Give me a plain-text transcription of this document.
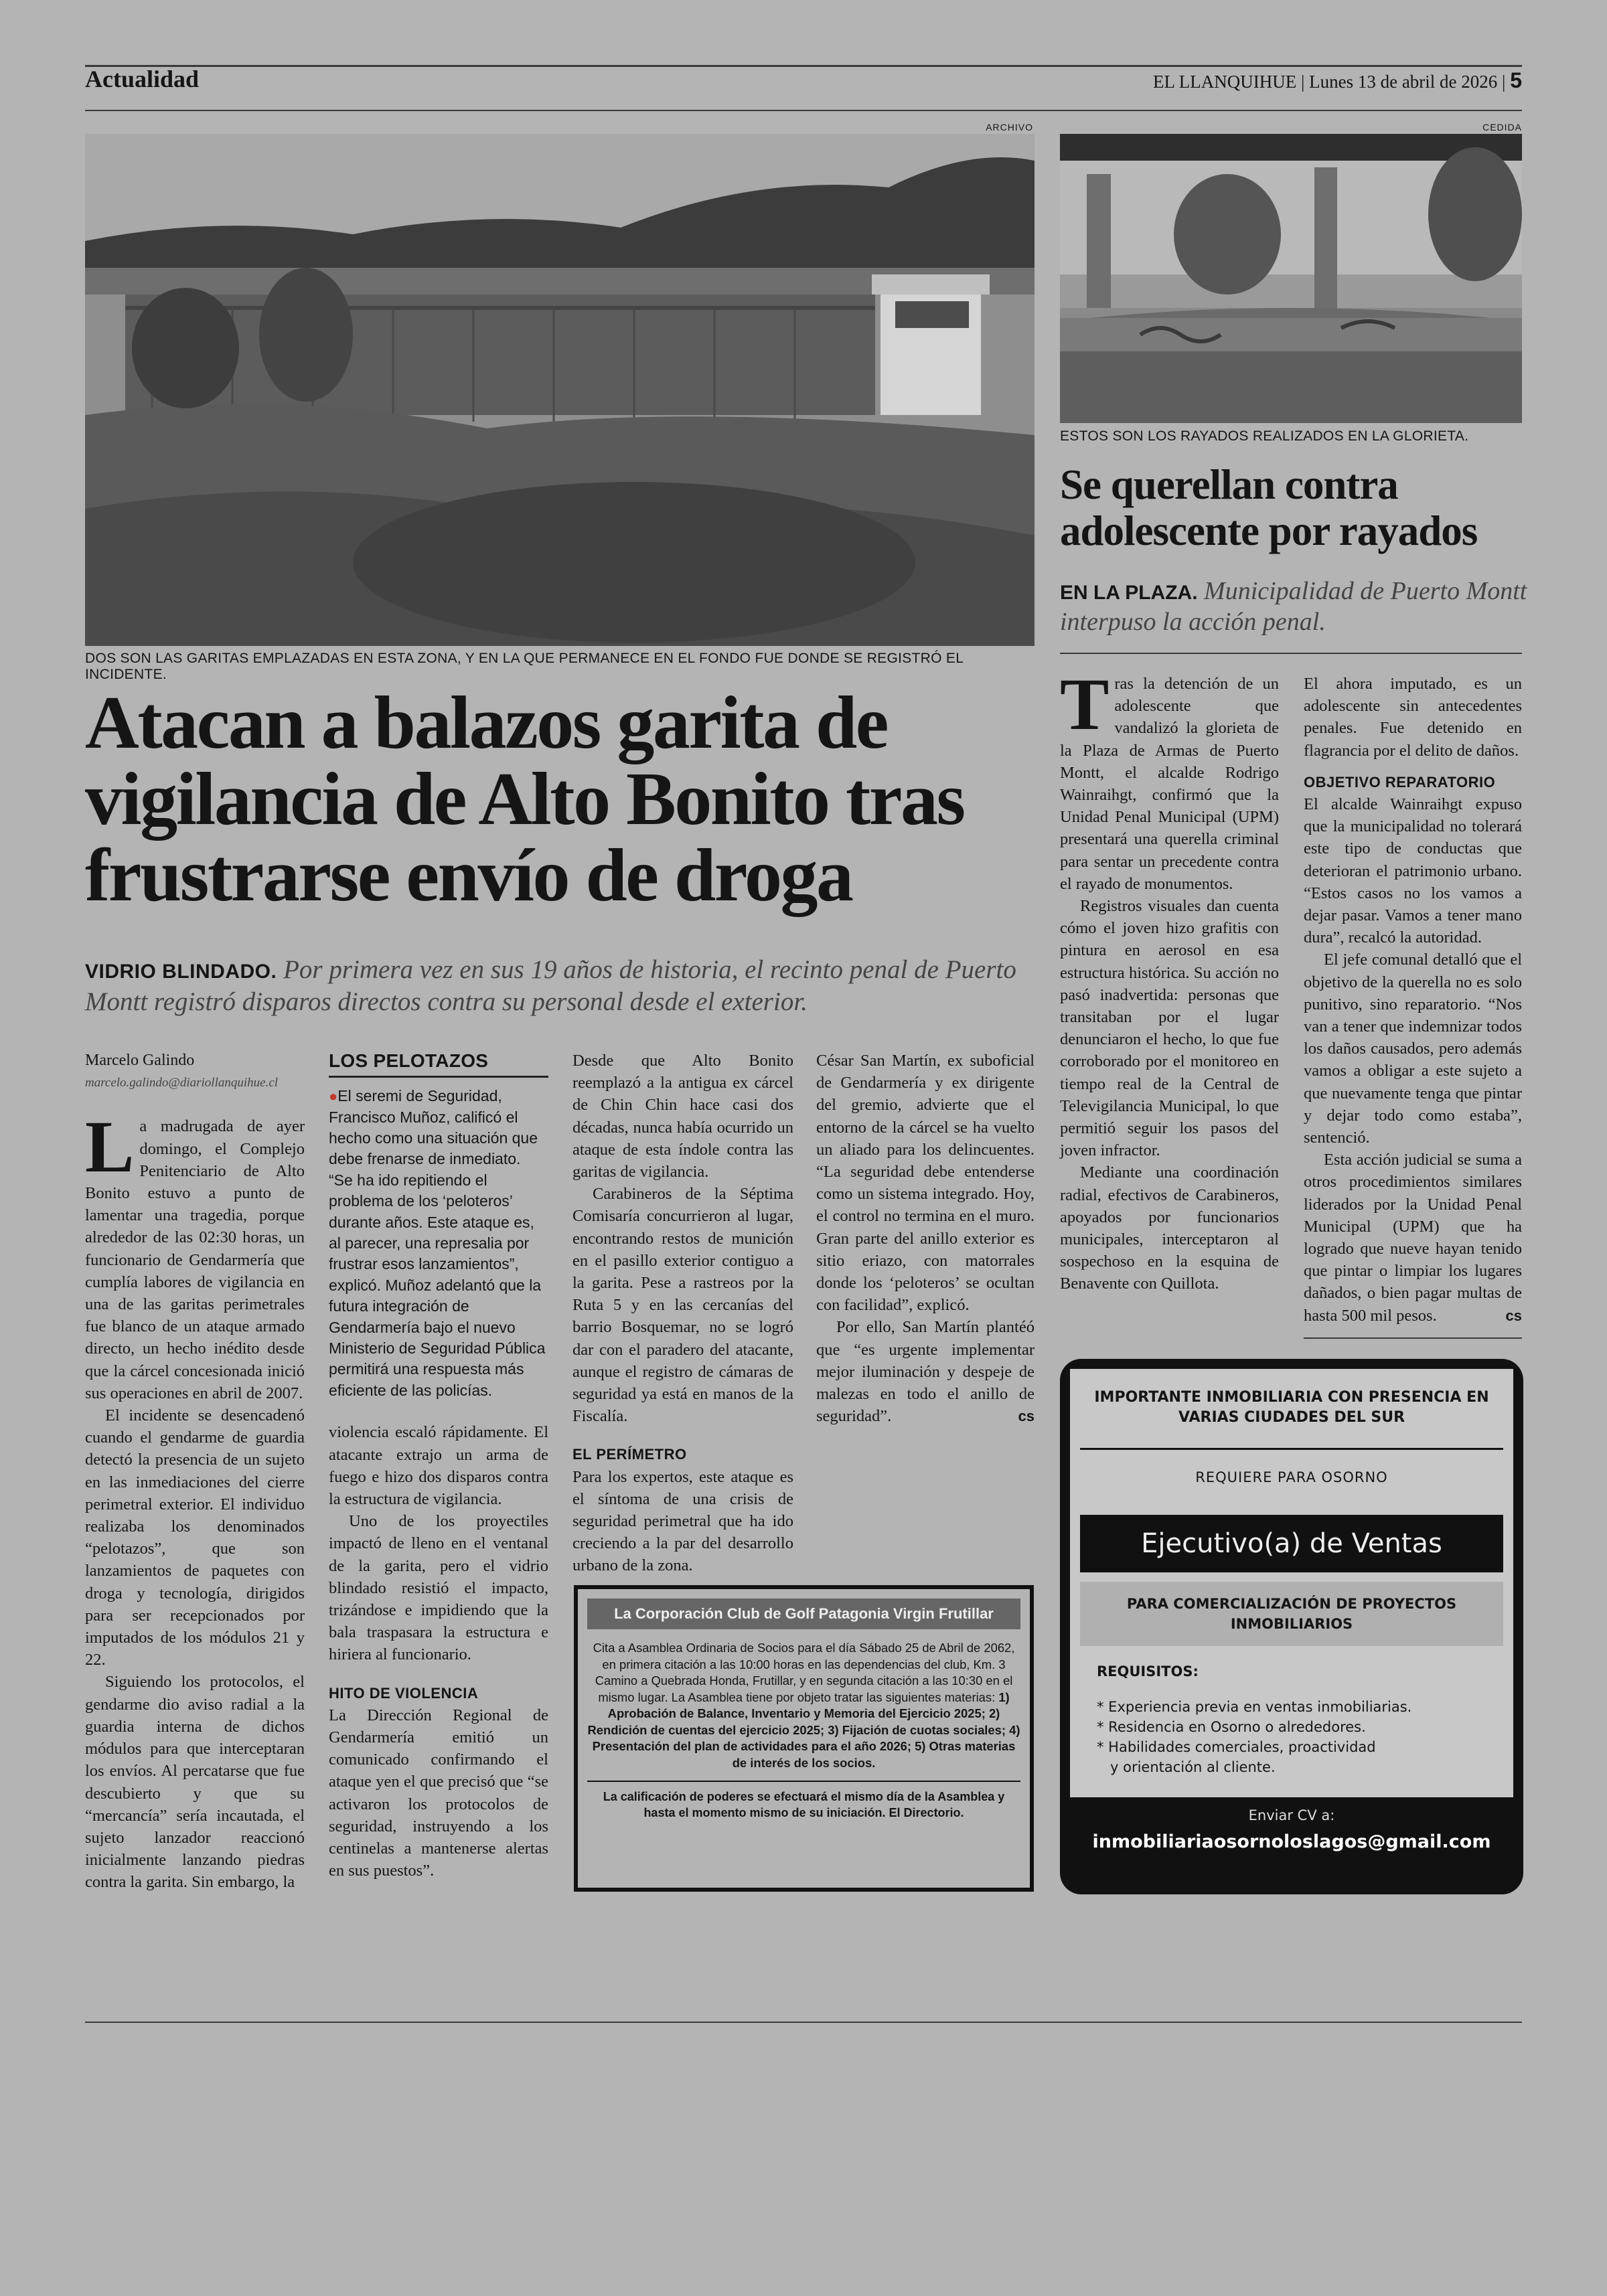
Actualidad	EL LLANQUIHUE | Lunes 13 de abril de 2026 | 5
ARCHIVO
DOS SON LAS GARITAS EMPLAZADAS EN ESTA ZONA, Y EN LA QUE PERMANECE EN EL FONDO FUE DONDE SE REGISTRÓ EL INCIDENTE.
CEDIDA
ESTOS SON LOS RAYADOS REALIZADOS EN LA GLORIETA.
Atacan a balazos garita de vigilancia de Alto Bonito tras frustrarse envío de droga
VIDRIO BLINDADO. Por primera vez en sus 19 años de historia, el recinto penal de Puerto Montt registró disparos directos contra su personal desde el exterior.
Marcelo Galindo
marcelo.galindo@diariollanquihue.cl

La madrugada de ayer domingo, el Complejo Penitenciario de Alto Bonito estuvo a punto de lamentar una tragedia, porque alrededor de las 02:30 horas, un funcionario de Gendarmería que cumplía labores de vigilancia en una de las garitas perimetrales fue blanco de un ataque armado directo, un hecho inédito desde que la cárcel concesionada inició sus operaciones en abril de 2007.

El incidente se desencadenó cuando el gendarme de guardia detectó la presencia de un sujeto en las inmediaciones del cierre perimetral exterior. El individuo realizaba los denominados “pelotazos”, que son lanzamientos de paquetes con droga y tecnología, dirigidos para ser recepcionados por imputados de los módulos 21 y 22.

Siguiendo los protocolos, el gendarme dio aviso radial a la guardia interna de dichos módulos para que interceptaran los envíos. Al percatarse que fue descubierto y que su “mercancía” sería incautada, el sujeto lanzador reaccionó inicialmente lanzando piedras contra la garita. Sin embargo, la

LOS PELOTAZOS

●El seremi de Seguridad, Francisco Muñoz, calificó el hecho como una situación que debe frenarse de inmediato. “Se ha ido repitiendo el problema de los ‘peloteros’ durante años. Este ataque es, al parecer, una represalia por frustrar esos lanzamientos”, explicó. Muñoz adelantó que la futura integración de Gendarmería bajo el nuevo Ministerio de Seguridad Pública permitirá una respuesta más eficiente de las policías.

violencia escaló rápidamente. El atacante extrajo un arma de fuego e hizo dos disparos contra la estructura de vigilancia.

Uno de los proyectiles impactó de lleno en el ventanal de la garita, pero el vidrio blindado resistió el impacto, trizándose e impidiendo que la bala traspasara la estructura e hiriera al funcionario.

HITO DE VIOLENCIA

La Dirección Regional de Gendarmería emitió un comunicado confirmando el ataque yen el que precisó que “se activaron los protocolos de seguridad, instruyendo a los centinelas a mantenerse alertas en sus puestos”.

Desde que Alto Bonito reemplazó a la antigua ex cárcel de Chin Chin hace casi dos décadas, nunca había ocurrido un ataque de esta índole contra las garitas de vigilancia.

Carabineros de la Séptima Comisaría concurrieron al lugar, encontrando restos de munición en el pasillo exterior contiguo a la garita. Pese a rastreos por la Ruta 5 y en las cercanías del barrio Bosquemar, no se logró dar con el paradero del atacante, aunque el registro de cámaras de seguridad ya está en manos de la Fiscalía.

EL PERÍMETRO

Para los expertos, este ataque es el síntoma de una crisis de seguridad perimetral que ha ido creciendo a la par del desarrollo urbano de la zona.

César San Martín, ex suboficial de Gendarmería y ex dirigente del gremio, advierte que el entorno de la cárcel se ha vuelto un aliado para los delincuentes. “La seguridad debe entenderse como un sistema integrado. Hoy, el control no termina en el muro. Gran parte del anillo exterior es sitio eriazo, con matorrales donde los ‘peloteros’ se ocultan con facilidad”, explicó.

Por ello, San Martín plantéó que “es urgente implementar mejor iluminación y despeje de malezas en todo el anillo de seguridad”.	cs

La Corporación Club de Golf Patagonia Virgin Frutillar
Cita a Asamblea Ordinaria de Socios para el día Sábado 25 de Abril de 2062, en primera citación a las 10:00 horas en las dependencias del club, Km. 3 Camino a Quebrada Honda, Frutillar, y en segunda citación a las 10:30 en el mismo lugar. La Asamblea tiene por objeto tratar las siguientes materias: 1) Aprobación de Balance, Inventario y Memoria del Ejercicio 2025; 2) Rendición de cuentas del ejercicio 2025; 3) Fijación de cuotas sociales; 4) Presentación del plan de actividades para el año 2026; 5) Otras materias de interés de los socios.
La calificación de poderes se efectuará el mismo día de la Asamblea y hasta el momento mismo de su iniciación. El Directorio.
Se querellan contra adolescente por rayados
EN LA PLAZA. Municipalidad de Puerto Montt interpuso la acción penal.

Tras la detención de un adolescente que vandalizó la glorieta de la Plaza de Armas de Puerto Montt, el alcalde Rodrigo Wainraihgt, confirmó que la Unidad Penal Municipal (UPM) presentará una querella criminal para sentar un precedente contra el rayado de monumentos.

Registros visuales dan cuenta cómo el joven hizo grafitis con pintura en aerosol en esa estructura histórica. Su acción no pasó inadvertida: personas que transitaban por el lugar denunciaron el hecho, lo que fue corroborado por el monitoreo en tiempo real de la Central de Televigilancia Municipal, lo que permitió seguir los pasos del joven infractor.

Mediante una coordinación radial, efectivos de Carabineros, apoyados por funcionarios municipales, interceptaron al sospechoso en la esquina de Benavente con Quillota.

El ahora imputado, es un adolescente sin antecedentes penales. Fue detenido en flagrancia por el delito de daños.

OBJETIVO REPARATORIO

El alcalde Wainraihgt expuso que la municipalidad no tolerará este tipo de conductas que deterioran el patrimonio urbano. “Estos casos no los vamos a dejar pasar. Vamos a tener mano dura”, recalcó la autoridad.

El jefe comunal detalló que el objetivo de la querella no es solo punitivo, sino reparatorio. “Nos van a tener que indemnizar todos los daños causados, pero además vamos a obligar a este sujeto a que nuevamente tenga que pintar y dejar todo como estaba”, sentenció.

Esta acción judicial se suma a otros procedimientos similares liderados por la Unidad Penal Municipal (UPM) que ha logrado que nueve hayan tenido que pintar o limpiar los lugares dañados, o bien pagar multas de hasta 500 mil pesos.	cs

IMPORTANTE INMOBILIARIA CON PRESENCIA EN VARIAS CIUDADES DEL SUR
REQUIERE PARA OSORNO
Ejecutivo(a) de Ventas
PARA COMERCIALIZACIÓN DE PROYECTOS INMOBILIARIOS
REQUISITOS:
* Experiencia previa en ventas inmobiliarias.
* Residencia en Osorno o alrededores.
* Habilidades comerciales, proactividad
y orientación al cliente.
Enviar CV a:
inmobiliariaosornoloslagos@gmail.com
